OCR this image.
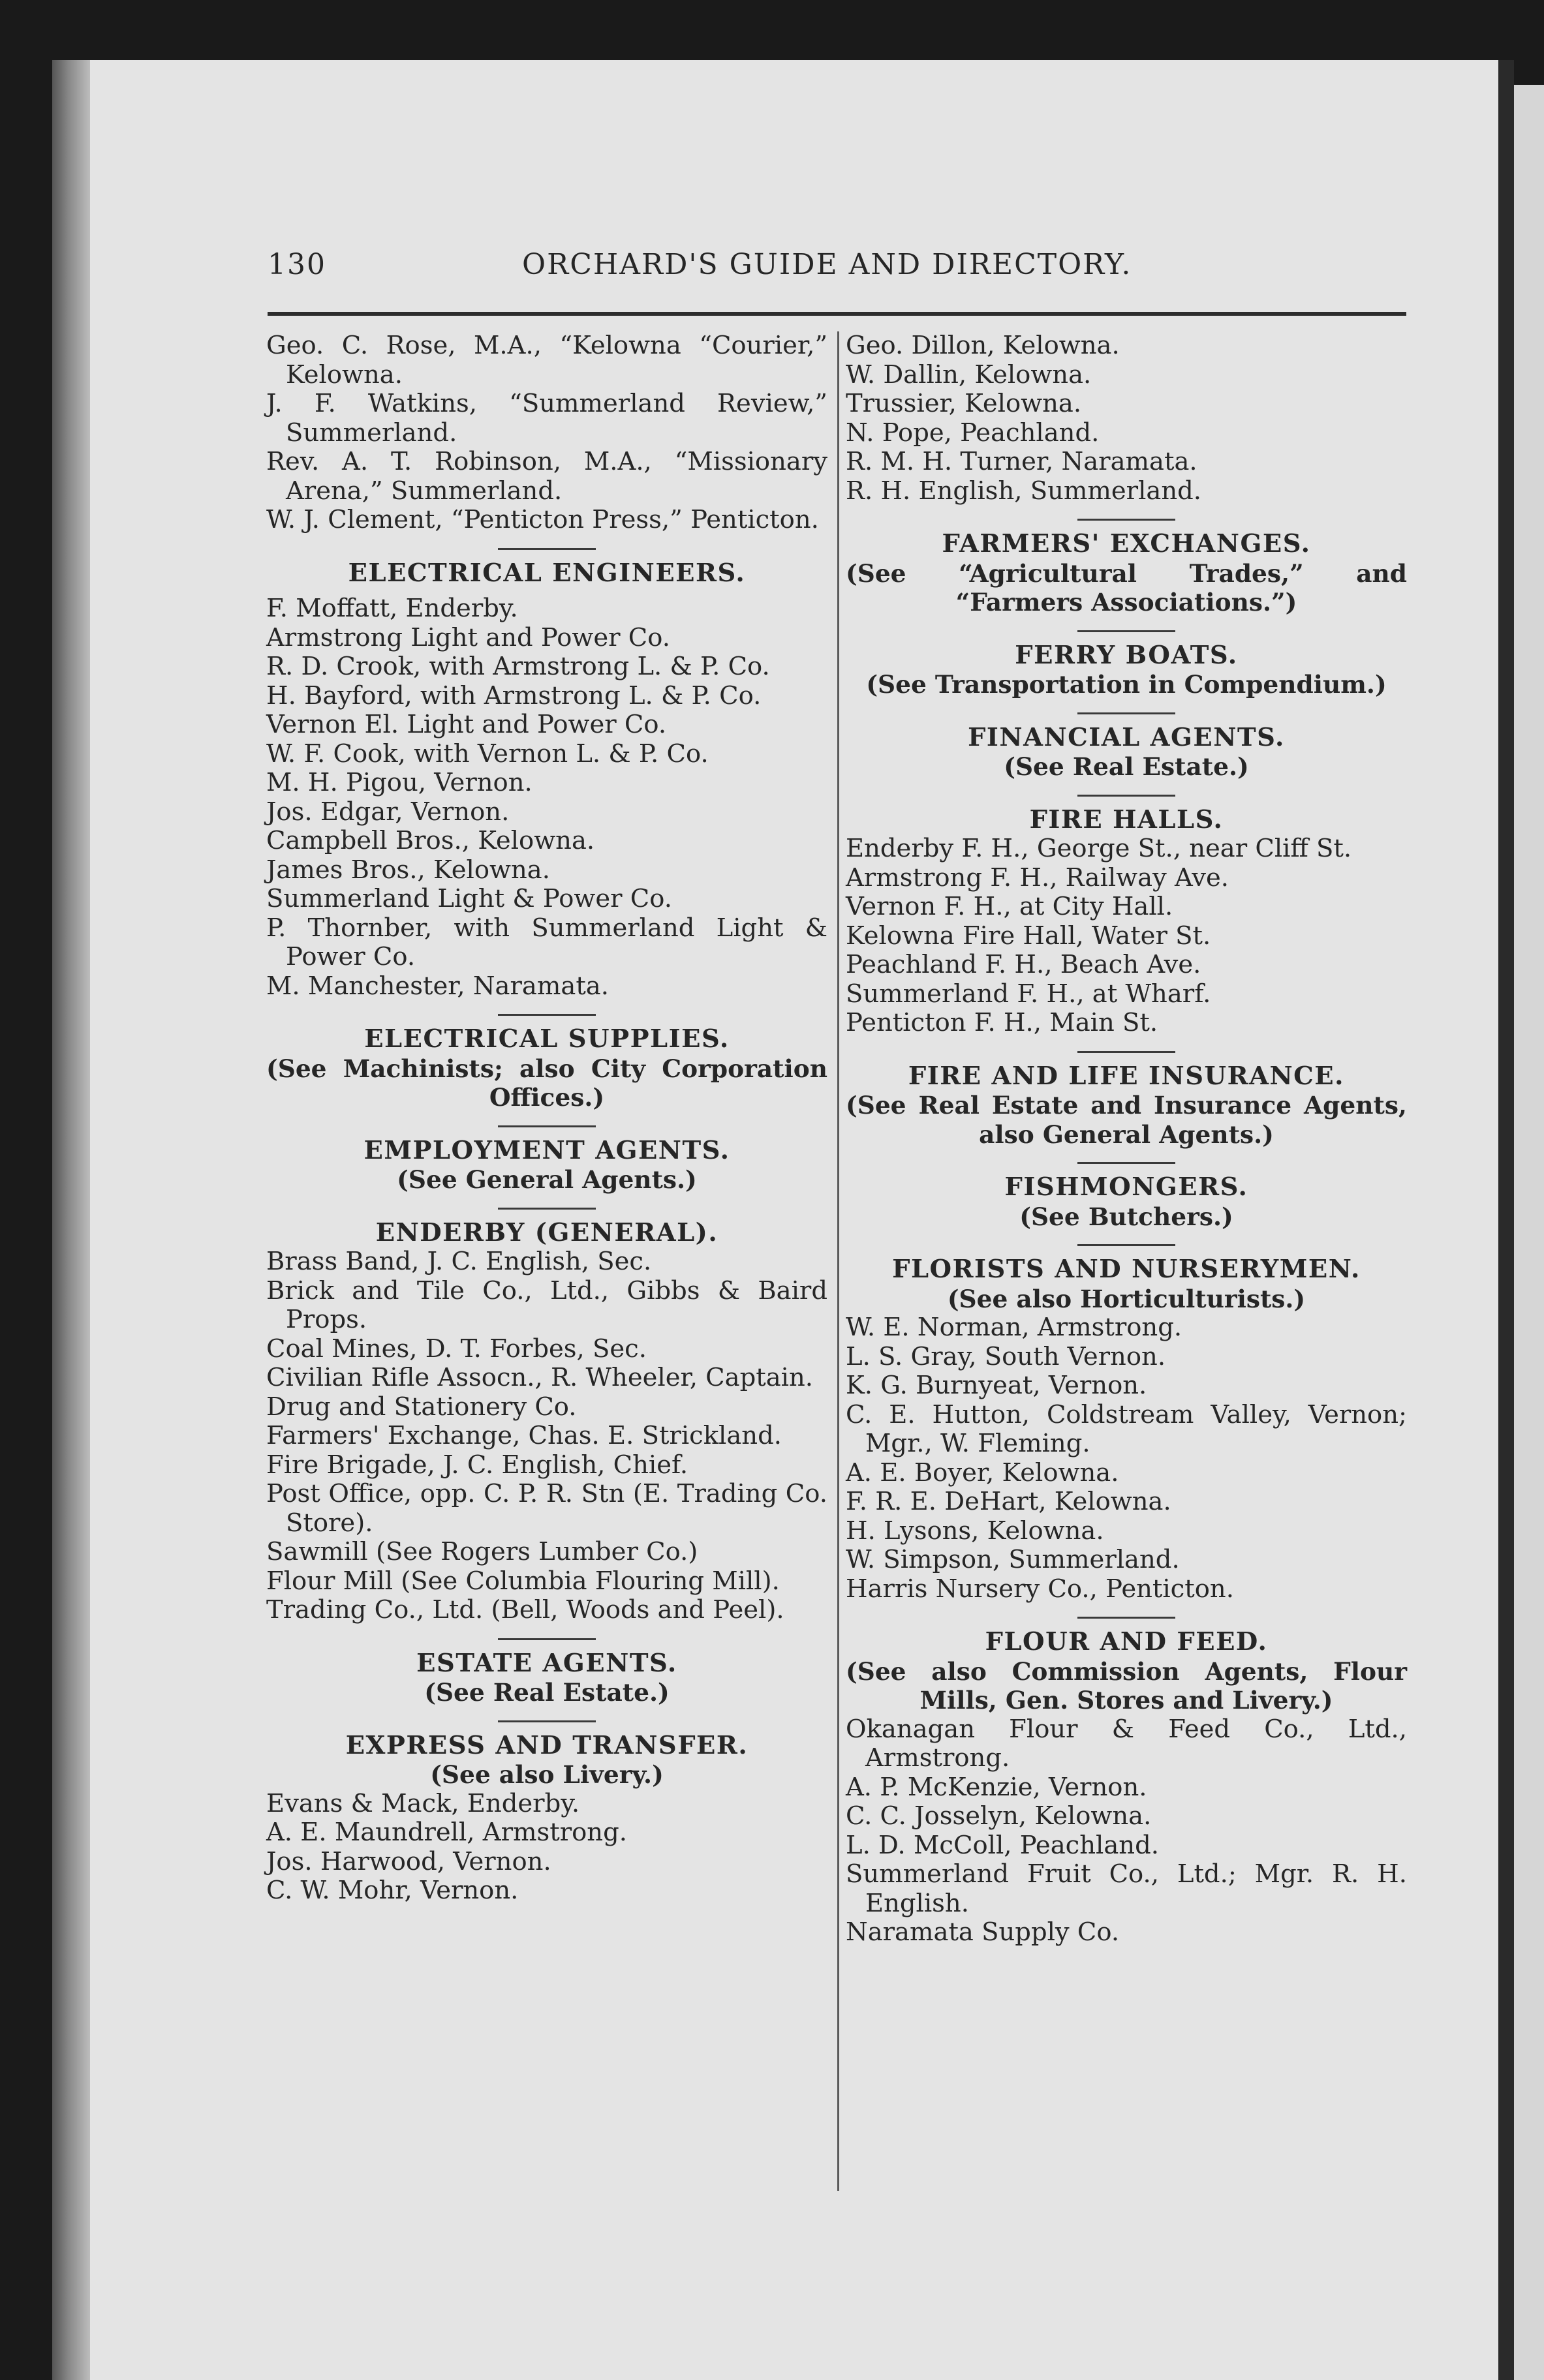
130	ORCHARD'S GUIDE AND DIRECTORY.
Geo. C. Rose, M.A., “Kelowna “Courier,” Kelowna.
J. F. Watkins, “Summerland Review,” Summerland.
Rev. A. T. Robinson, M.A., “Missionary Arena,” Summerland.
W. J. Clement, “Penticton Press,” Penticton.
ELECTRICAL ENGINEERS.
F. Moffatt, Enderby.
Armstrong Light and Power Co.
R. D. Crook, with Armstrong L. & P. Co.
H. Bayford, with Armstrong L. & P. Co.
Vernon El. Light and Power Co.
W. F. Cook, with Vernon L. & P. Co.
M. H. Pigou, Vernon.
Jos. Edgar, Vernon.
Campbell Bros., Kelowna.
James Bros., Kelowna.
Summerland Light & Power Co.
P. Thornber, with Summerland Light & Power Co.
M. Manchester, Naramata.
ELECTRICAL SUPPLIES.
(See Machinists; also City Corporation Offices.)
EMPLOYMENT AGENTS.
(See General Agents.)
ENDERBY (GENERAL).
Brass Band, J. C. English, Sec.
Brick and Tile Co., Ltd., Gibbs & Baird Props.
Coal Mines, D. T. Forbes, Sec.
Civilian Rifle Assocn., R. Wheeler, Captain.
Drug and Stationery Co.
Farmers' Exchange, Chas. E. Strickland.
Fire Brigade, J. C. English, Chief.
Post Office, opp. C. P. R. Stn (E. Trading Co. Store).
Sawmill (See Rogers Lumber Co.)
Flour Mill (See Columbia Flouring Mill).
Trading Co., Ltd. (Bell, Woods and Peel).
ESTATE AGENTS.
(See Real Estate.)
EXPRESS AND TRANSFER.
(See also Livery.)
Evans & Mack, Enderby.
A. E. Maundrell, Armstrong.
Jos. Harwood, Vernon.
C. W. Mohr, Vernon.
Geo. Dillon, Kelowna.
W. Dallin, Kelowna.
Trussier, Kelowna.
N. Pope, Peachland.
R. M. H. Turner, Naramata.
R. H. English, Summerland.
FARMERS' EXCHANGES.
(See “Agricultural Trades,” and “Farmers Associations.”)
FERRY BOATS.
(See Transportation in Compendium.)
FINANCIAL AGENTS.
(See Real Estate.)
FIRE HALLS.
Enderby F. H., George St., near Cliff St.
Armstrong F. H., Railway Ave.
Vernon F. H., at City Hall.
Kelowna Fire Hall, Water St.
Peachland F. H., Beach Ave.
Summerland F. H., at Wharf.
Penticton F. H., Main St.
FIRE AND LIFE INSURANCE.
(See Real Estate and Insurance Agents, also General Agents.)
FISHMONGERS.
(See Butchers.)
FLORISTS AND NURSERYMEN.
(See also Horticulturists.)
W. E. Norman, Armstrong.
L. S. Gray, South Vernon.
K. G. Burnyeat, Vernon.
C. E. Hutton, Coldstream Valley, Vernon; Mgr., W. Fleming.
A. E. Boyer, Kelowna.
F. R. E. DeHart, Kelowna.
H. Lysons, Kelowna.
W. Simpson, Summerland.
Harris Nursery Co., Penticton.
FLOUR AND FEED.
(See also Commission Agents, Flour Mills, Gen. Stores and Livery.)
Okanagan Flour & Feed Co., Ltd., Armstrong.
A. P. McKenzie, Vernon.
C. C. Josselyn, Kelowna.
L. D. McColl, Peachland.
Summerland Fruit Co., Ltd.; Mgr. R. H. English.
Naramata Supply Co.
